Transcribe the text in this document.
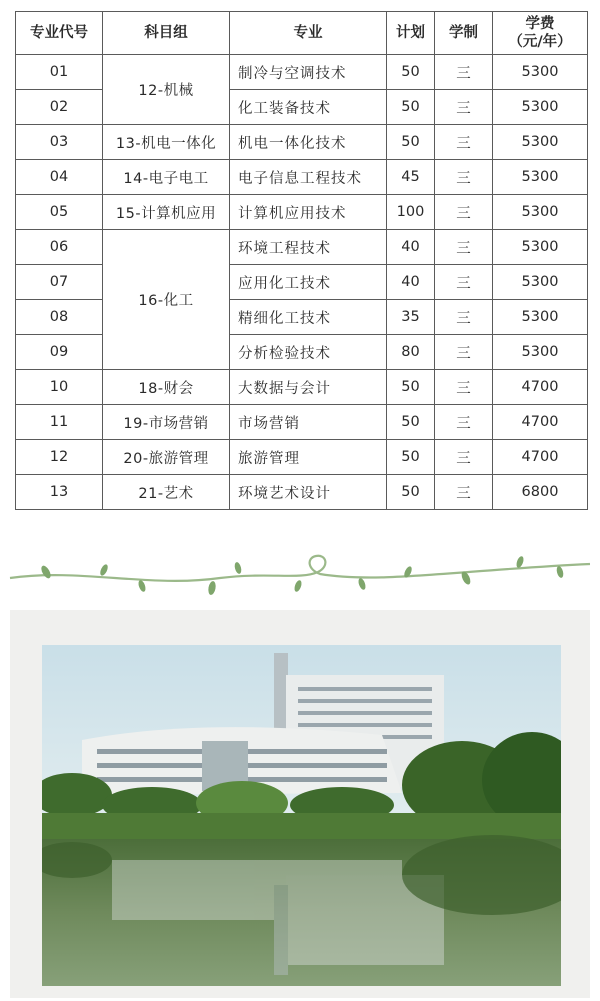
专业代号	科目组	专业	计划	学制	学费
（元/年）

01	12-机械	制冷与空调技术	50	三	5300
02		化工装备技术	50	三	5300
03	13-机电一体化	机电一体化技术	50	三	5300
04	14-电子电工	电子信息工程技术	45	三	5300
05	15-计算机应用	计算机应用技术	100	三	5300
06	16-化工	环境工程技术	40	三	5300
07		应用化工技术	40	三	5300
08		精细化工技术	35	三	5300
09		分析检验技术	80	三	5300
10	18-财会	大数据与会计	50	三	4700
11	19-市场营销	市场营销	50	三	4700
12	20-旅游管理	旅游管理	50	三	4700
13	21-艺术	环境艺术设计	50	三	6800
